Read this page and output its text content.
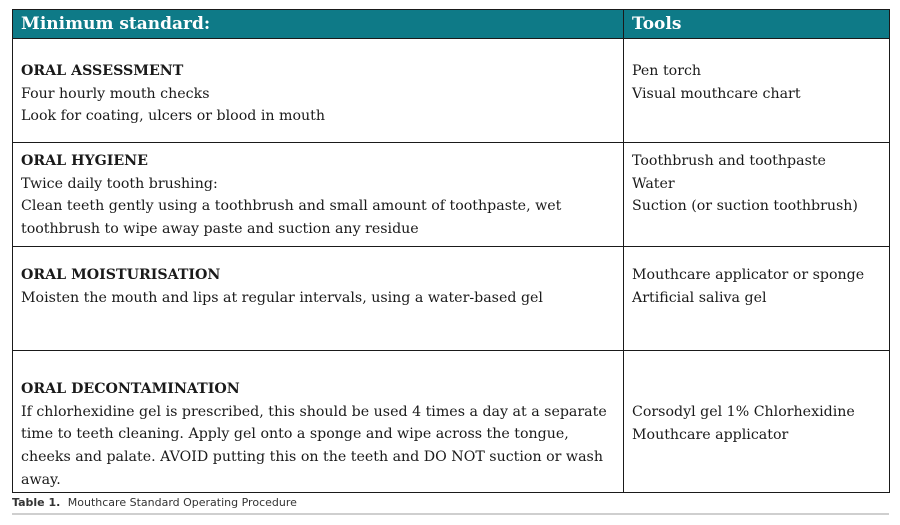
Minimum standard:	Tools

ORAL ASSESSMENT
Four hourly mouth checks
Look for coating, ulcers or blood in mouth	Pen torch
Visual mouthcare chart

ORAL HYGIENE
Twice daily tooth brushing:
Clean teeth gently using a toothbrush and small amount of toothpaste, wet toothbrush to wipe away paste and suction any residue	Toothbrush and toothpaste
Water
Suction (or suction toothbrush)

ORAL MOISTURISATION
Moisten the mouth and lips at regular intervals, using a water-based gel	Mouthcare applicator or sponge
Artificial saliva gel

ORAL DECONTAMINATION
If chlorhexidine gel is prescribed, this should be used 4 times a day at a separate time to teeth cleaning. Apply gel onto a sponge and wipe across the tongue, cheeks and palate. AVOID putting this on the teeth and DO NOT suction or wash away.	Corsodyl gel 1% Chlorhexidine
Mouthcare applicator
Table 1. Mouthcare Standard Operating Procedure
